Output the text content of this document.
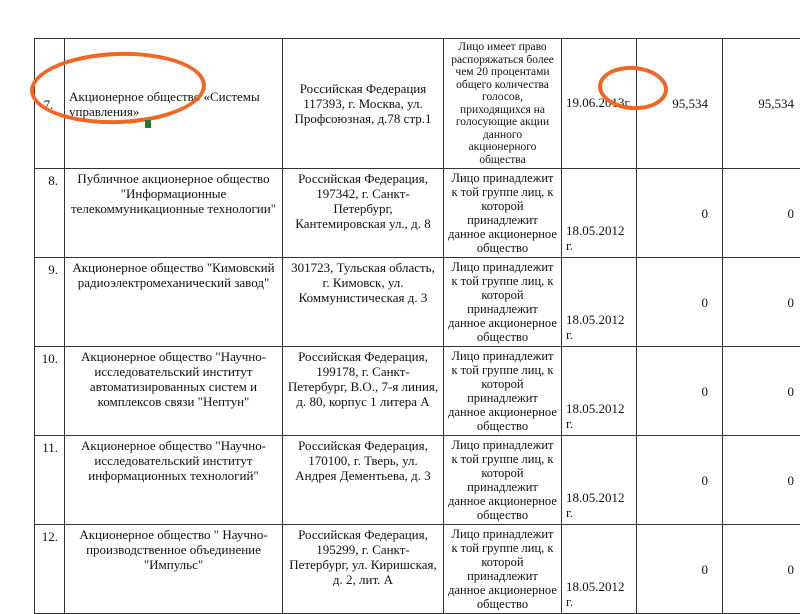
7.	Акционерное общество «Системы управления»	Российская Федерация 117393, г. Москва, ул. Профсоюзная, д.78 стр.1	Лицо имеет право распоряжаться более чем 20 процентами общего количества голосов, приходящихся на голосующие акции данного акционерного общества	19.06.2013г.	95,534	95,534
8.	Публичное акционерное общество "Информационные телекоммуникационные технологии"	Российская Федерация, 197342, г. Санкт-Петербург, Кантемировская ул., д. 8	Лицо принадлежит к той группе лиц, к которой принадлежит данное акционерное общество	18.05.2012 г.	0	0
9.	Акционерное общество "Кимовский радиоэлектромеханический завод"	301723, Тульская область, г. Кимовск, ул. Коммунистическая д. 3	Лицо принадлежит к той группе лиц, к которой принадлежит данное акционерное общество	18.05.2012 г.	0	0
10.	Акционерное общество "Научно-исследовательский институт автоматизированных систем и комплексов связи "Нептун"	Российская Федерация, 199178, г. Санкт-Петербург, В.О., 7-я линия, д. 80, корпус 1 литера А	Лицо принадлежит к той группе лиц, к которой принадлежит данное акционерное общество	18.05.2012 г.	0	0
11.	Акционерное общество "Научно-исследовательский институт информационных технологий"	Российская Федерация, 170100, г. Тверь, ул. Андрея Дементьева, д. 3	Лицо принадлежит к той группе лиц, к которой принадлежит данное акционерное общество	18.05.2012 г.	0	0
12.	Акционерное общество " Научно-производственное объединение "Импульс"	Российская Федерация, 195299, г. Санкт-Петербург, ул. Киришская, д. 2, лит. А	Лицо принадлежит к той группе лиц, к которой принадлежит данное акционерное общество	18.05.2012 г.	0	0
